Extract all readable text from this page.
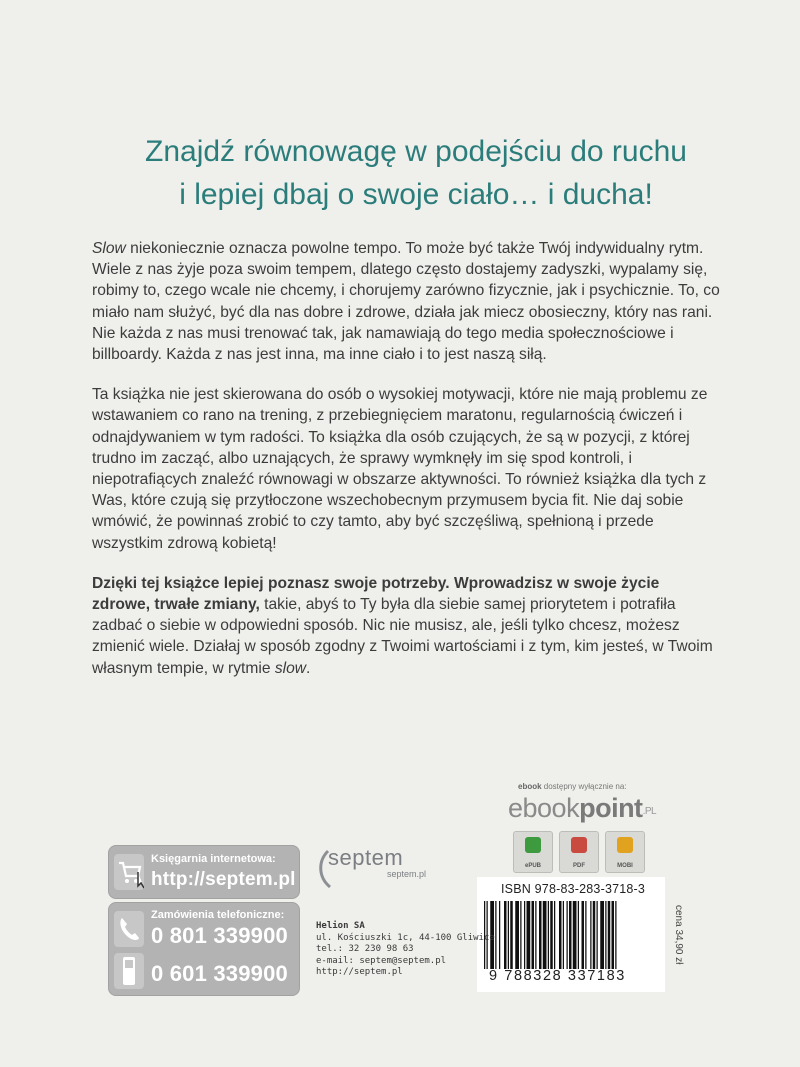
Znajdź równowagę w podejściu do ruchu
i lepiej dbaj o swoje ciało… i ducha!

Slow niekoniecznie oznacza powolne tempo. To może być także Twój indywidualny rytm. Wiele z nas żyje poza swoim tempem, dlatego często dostajemy zadyszki, wypalamy się, robimy to, czego wcale nie chcemy, i chorujemy zarówno fizycznie, jak i psychicznie. To, co miało nam służyć, być dla nas dobre i zdrowe, działa jak miecz obosieczny, który nas rani. Nie każda z nas musi trenować tak, jak namawiają do tego media społecznościowe i billboardy. Każda z nas jest inna, ma inne ciało i to jest naszą siłą.

Ta książka nie jest skierowana do osób o wysokiej motywacji, które nie mają problemu ze wstawaniem co rano na trening, z przebiegnięciem maratonu, regularnością ćwiczeń i odnajdywaniem w tym radości. To książka dla osób czujących, że są w pozycji, z której trudno im zacząć, albo uznających, że sprawy wymknęły im się spod kontroli, i niepotrafiących znaleźć równowagi w obszarze aktywności. To również książka dla tych z Was, które czują się przytłoczone wszechobecnym przymusem bycia fit. Nie daj sobie wmówić, że powinnaś zrobić to czy tamto, aby być szczęśliwą, spełnioną i przede wszystkim zdrową kobietą!

Dzięki tej książce lepiej poznasz swoje potrzeby. Wprowadzisz w swoje życie zdrowe, trwałe zmiany, takie, abyś to Ty była dla siebie samej priorytetem i potrafiła zadbać o siebie w odpowiedni sposób. Nic nie musisz, ale, jeśli tylko chcesz, możesz zmienić wiele. Działaj w sposób zgodny z Twoimi wartościami i z tym, kim jesteś, w Twoim własnym tempie, w rytmie slow.

ebook dostępny wyłącznie na:
ebookpoint$^{.PL}$
ePUB	PDF	MOBI
ISBN 978-83-283-3718-3
9 788328 337183
cena 34,90 zł
septem
septem.pl
Helion SA
ul. Kościuszki 1c, 44-100 Gliwice
tel.: 32 230 98 63
e-mail: septem@septem.pl
http://septem.pl
Księgarnia internetowa:
http://septem.pl
Zamówienia telefoniczne:
0 801 339900
0 601 339900
